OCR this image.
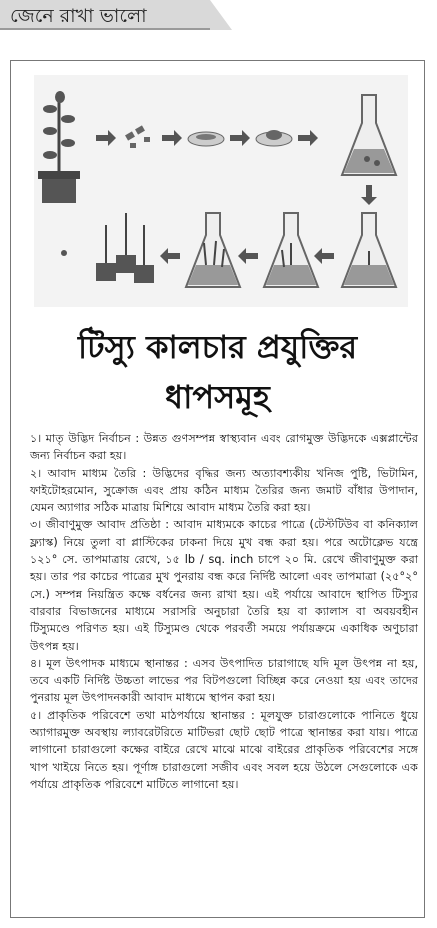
জেনে রাখা ভালো
টিস্যু কালচার প্রযুক্তির
ধাপসমূহ

১। মাতৃ উদ্ভিদ নির্বাচন : উন্নত গুণসম্পন্ন স্বাস্থ্যবান এবং রোগমুক্ত উদ্ভিদকে এক্সপ্লান্টের জন্য নির্বাচন করা হয়।

২। আবাদ মাধ্যম তৈরি : উদ্ভিদের বৃদ্ধির জন্য অত্যাবশ্যকীয় খনিজ পুষ্টি, ভিটামিন, ফাইটোহরমোন, সুক্রোজ এবং প্রায় কঠিন মাধ্যম তৈরির জন্য জমাট বাঁধার উপাদান, যেমন অ্যাগার সঠিক মাত্রায় মিশিয়ে আবাদ মাধ্যম তৈরি করা হয়।

৩। জীবাণুমুক্ত আবাদ প্রতিষ্ঠা : আবাদ মাধ্যমকে কাচের পাত্রে (টেস্টটিউব বা কনিক্যাল ফ্ল্যাস্ক) নিয়ে তুলা বা প্লাস্টিকের ঢাকনা দিয়ে মুখ বন্ধ করা হয়। পরে অটোক্লেভ যন্ত্রে ১২১° সে. তাপমাত্রায় রেখে, ১৫ lb / sq. inch চাপে ২০ মি. রেখে জীবাণুমুক্ত করা হয়। তার পর কাচের পাত্রের মুখ পুনরায় বন্ধ করে নির্দিষ্ট আলো এবং তাপমাত্রা (২৫°২° সে.) সম্পন্ন নিয়ন্ত্রিত কক্ষে বর্ধনের জন্য রাখা হয়। এই পর্যায়ে আবাদে স্থাপিত টিস্যুর বারবার বিভাজনের মাধ্যমে সরাসরি অনুচারা তৈরি হয় বা ক্যালাস বা অবয়বহীন টিস্যুমণ্ডে পরিণত হয়। এই টিস্যুমণ্ড থেকে পরবর্তী সময়ে পর্যায়ক্রমে একাধিক অণুচারা উৎপন্ন হয়।

৪। মূল উৎপাদক মাধ্যমে স্থানান্তর : এসব উৎপাদিত চারাগাছে যদি মূল উৎপন্ন না হয়, তবে একটি নির্দিষ্ট উচ্চতা লাভের পর বিটপগুলো বিচ্ছিন্ন করে নেওয়া হয় এবং তাদের পুনরায় মূল উৎপাদনকারী আবাদ মাধ্যমে স্থাপন করা হয়।

৫। প্রাকৃতিক পরিবেশে তথা মাঠপর্যায়ে স্থানান্তর : মূলযুক্ত চারাগুলোকে পানিতে ধুয়ে অ্যাগারমুক্ত অবস্থায় ল্যাবরেটরিতে মাটিভরা ছোট ছোট পাত্রে স্থানান্তর করা যায়। পাত্রে লাগানো চারাগুলো কক্ষের বাইরে রেখে মাঝে মাঝে বাইরের প্রাকৃতিক পরিবেশের সঙ্গে খাপ খাইয়ে নিতে হয়। পূর্ণাঙ্গ চারাগুলো সজীব এবং সবল হয়ে উঠলে সেগুলোকে এক পর্যায়ে প্রাকৃতিক পরিবেশে মাটিতে লাগানো হয়।
